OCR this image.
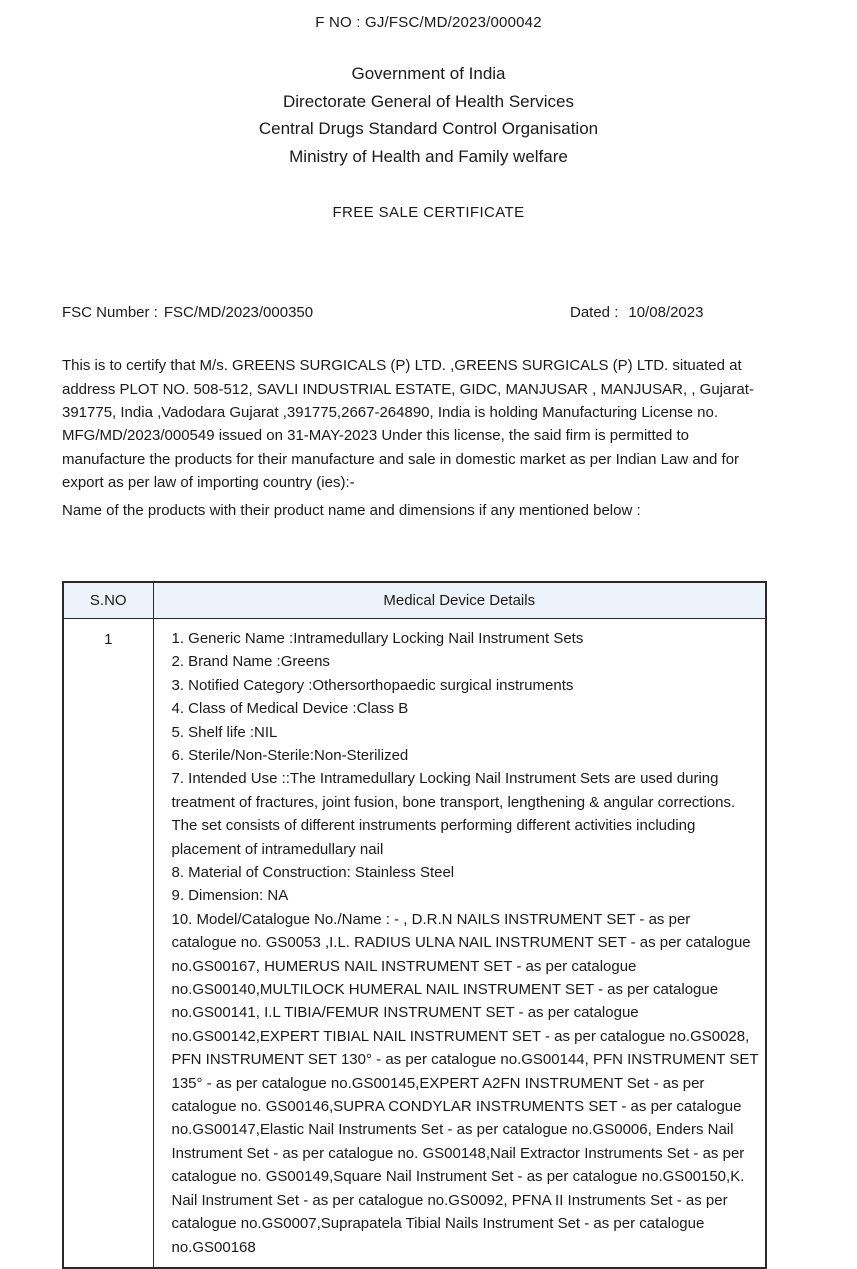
F NO : GJ/FSC/MD/2023/000042
Government of India
Directorate General of Health Services
Central Drugs Standard Control Organisation
Ministry of Health and Family welfare
FREE SALE CERTIFICATE
FSC Number : FSC/MD/2023/000350	Dated : 10/08/2023
This is to certify that M/s. GREENS SURGICALS (P) LTD. ,GREENS SURGICALS (P) LTD. situated at address PLOT NO. 508-512, SAVLI INDUSTRIAL ESTATE, GIDC, MANJUSAR , MANJUSAR, , Gujarat-391775, India ,Vadodara Gujarat ,391775,2667-264890, India is holding Manufacturing License no. MFG/MD/2023/000549 issued on 31-MAY-2023 Under this license, the said firm is permitted to manufacture the products for their manufacture and sale in domestic market as per Indian Law and for export as per law of importing country (ies):-
Name of the products with their product name and dimensions if any mentioned below :
S.NO	Medical Device Details
1	1. Generic Name :Intramedullary Locking Nail Instrument Sets
2. Brand Name :Greens
3. Notified Category :Othersorthopaedic surgical instruments
4. Class of Medical Device :Class B
5. Shelf life :NIL
6. Sterile/Non-Sterile:Non-Sterilized
7. Intended Use ::The Intramedullary Locking Nail Instrument Sets are used during treatment of fractures, joint fusion, bone transport, lengthening & angular corrections. The set consists of different instruments performing different activities including placement of intramedullary nail
8. Material of Construction: Stainless Steel
9. Dimension: NA
10. Model/Catalogue No./Name : - , D.R.N NAILS INSTRUMENT SET - as per catalogue no. GS0053 ,I.L. RADIUS ULNA NAIL INSTRUMENT SET - as per catalogue no.GS00167, HUMERUS NAIL INSTRUMENT SET - as per catalogue no.GS00140,MULTILOCK HUMERAL NAIL INSTRUMENT SET - as per catalogue no.GS00141, I.L TIBIA/FEMUR INSTRUMENT SET - as per catalogue no.GS00142,EXPERT TIBIAL NAIL INSTRUMENT SET - as per catalogue no.GS0028, PFN INSTRUMENT SET 130° - as per catalogue no.GS00144, PFN INSTRUMENT SET 135° - as per catalogue no.GS00145,EXPERT A2FN INSTRUMENT Set - as per catalogue no. GS00146,SUPRA CONDYLAR INSTRUMENTS SET - as per catalogue no.GS00147,Elastic Nail Instruments Set - as per catalogue no.GS0006, Enders Nail Instrument Set - as per catalogue no. GS00148,Nail Extractor Instruments Set - as per catalogue no. GS00149,Square Nail Instrument Set - as per catalogue no.GS00150,K. Nail Instrument Set - as per catalogue no.GS0092, PFNA II Instruments Set - as per catalogue no.GS0007,Suprapatela Tibial Nails Instrument Set - as per catalogue no.GS00168
